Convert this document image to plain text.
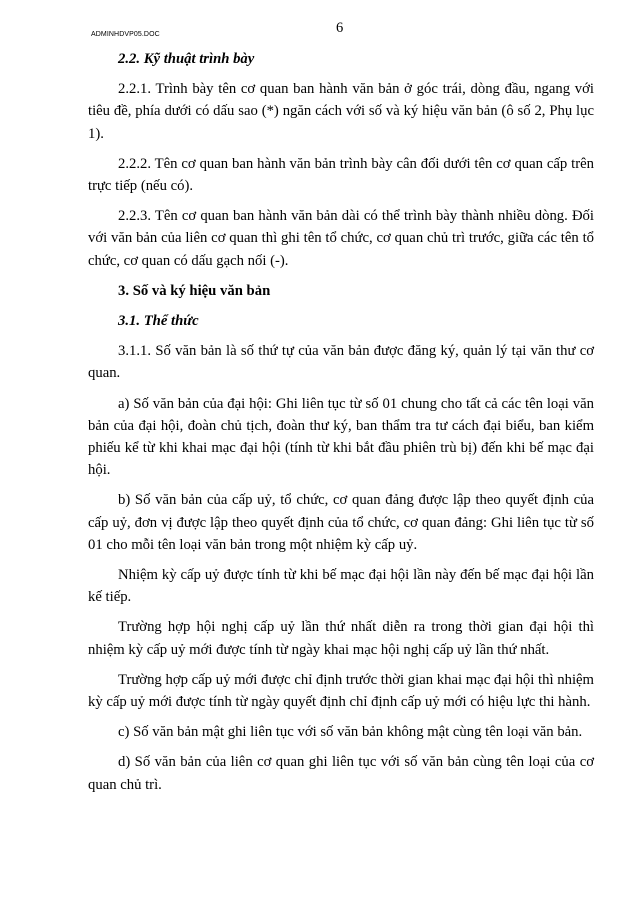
ADMINHDVP05.DOC	6

2.2. Kỹ thuật trình bày

2.2.1. Trình bày tên cơ quan ban hành văn bản ở góc trái, dòng đầu, ngang với tiêu đề, phía dưới có dấu sao (*) ngăn cách với số và ký hiệu văn bản (ô số 2, Phụ lục 1).

2.2.2. Tên cơ quan ban hành văn bản trình bày cân đối dưới tên cơ quan cấp trên trực tiếp (nếu có).

2.2.3. Tên cơ quan ban hành văn bản dài có thể trình bày thành nhiều dòng. Đối với văn bản của liên cơ quan thì ghi tên tổ chức, cơ quan chủ trì trước, giữa các tên tổ chức, cơ quan có dấu gạch nối (-).

3. Số và ký hiệu văn bản

3.1. Thể thức

3.1.1. Số văn bản là số thứ tự của văn bản được đăng ký, quản lý tại văn thư cơ quan.

a) Số văn bản của đại hội: Ghi liên tục từ số 01 chung cho tất cả các tên loại văn bản của đại hội, đoàn chủ tịch, đoàn thư ký, ban thẩm tra tư cách đại biểu, ban kiểm phiếu kể từ khi khai mạc đại hội (tính từ khi bắt đầu phiên trù bị) đến khi bế mạc đại hội.

b) Số văn bản của cấp uỷ, tổ chức, cơ quan đảng được lập theo quyết định của cấp uỷ, đơn vị được lập theo quyết định của tổ chức, cơ quan đảng: Ghi liên tục từ số 01 cho mỗi tên loại văn bản trong một nhiệm kỳ cấp uỷ.

Nhiệm kỳ cấp uỷ được tính từ khi bế mạc đại hội lần này đến bế mạc đại hội lần kế tiếp.

Trường hợp hội nghị cấp uỷ lần thứ nhất diễn ra trong thời gian đại hội thì nhiệm kỳ cấp uỷ mới được tính từ ngày khai mạc hội nghị cấp uỷ lần thứ nhất.

Trường hợp cấp uỷ mới được chỉ định trước thời gian khai mạc đại hội thì nhiệm kỳ cấp uỷ mới được tính từ ngày quyết định chỉ định cấp uỷ mới có hiệu lực thi hành.

c) Số văn bản mật ghi liên tục với số văn bản không mật cùng tên loại văn bản.

d) Số văn bản của liên cơ quan ghi liên tục với số văn bản cùng tên loại của cơ quan chủ trì.
